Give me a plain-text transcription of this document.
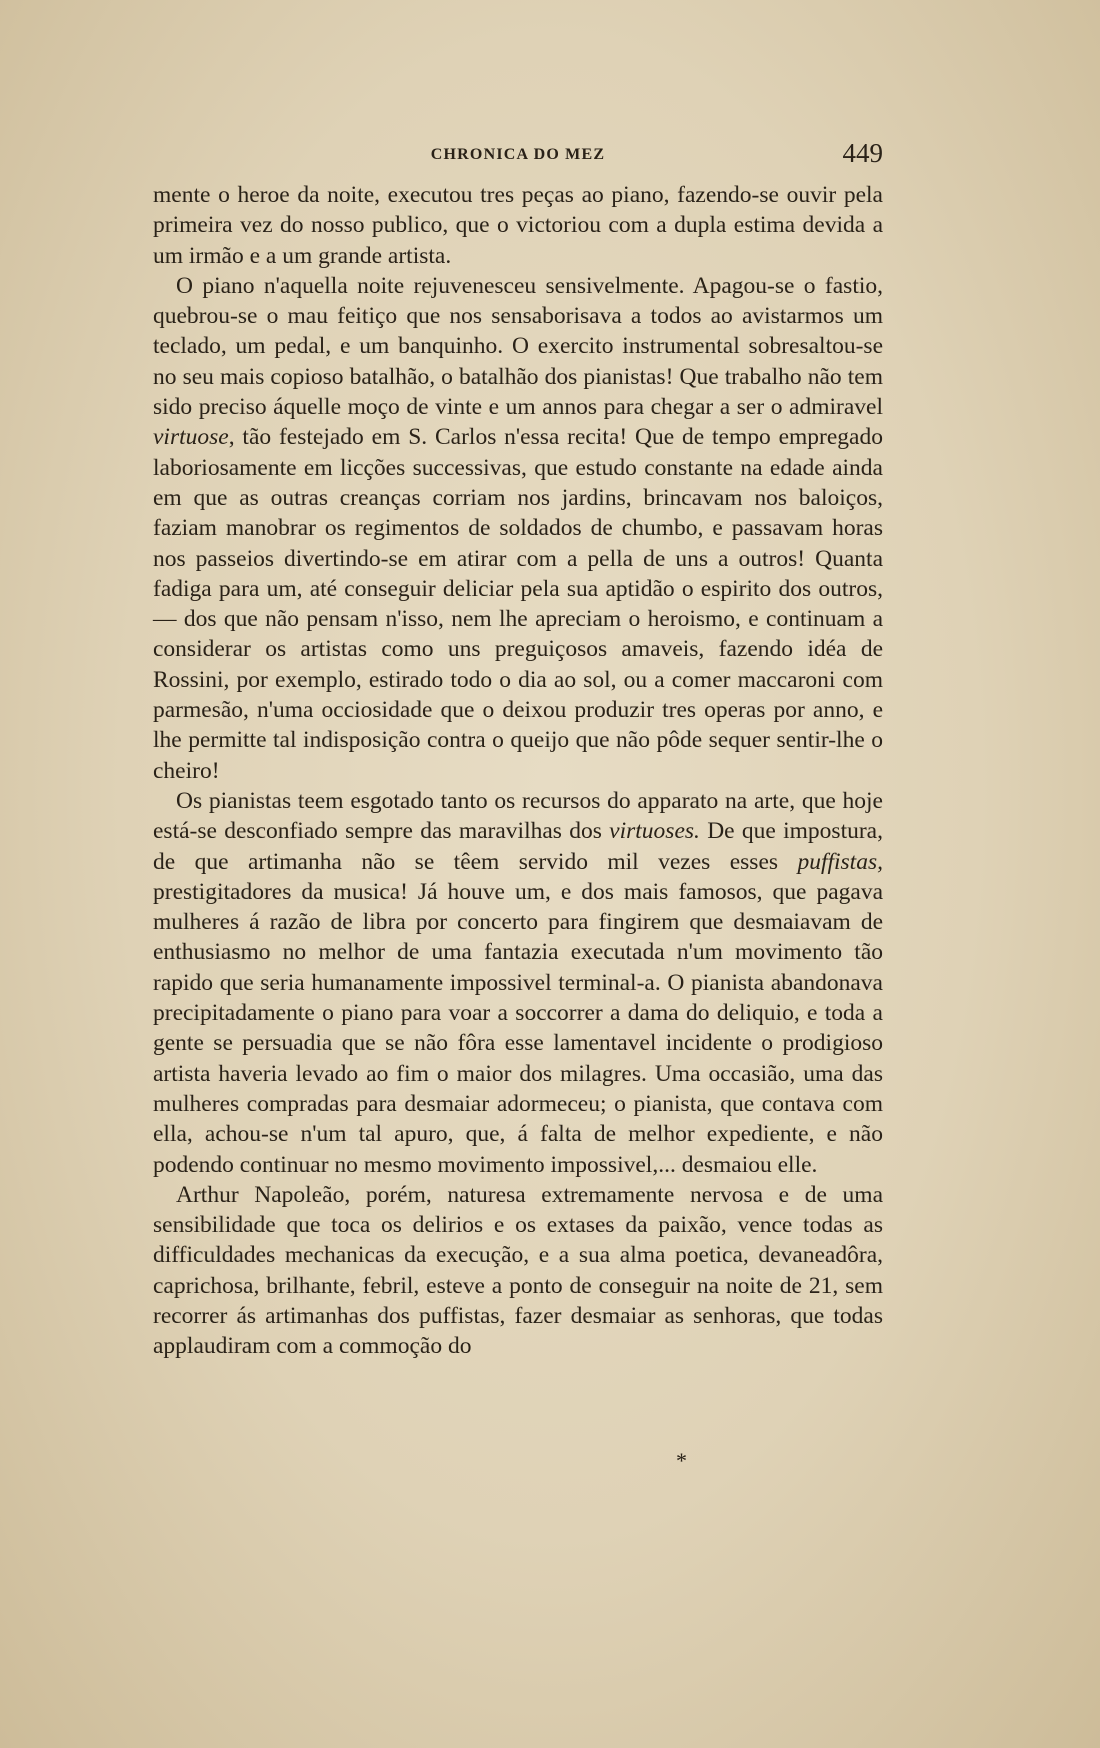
CHRONICA DO MEZ	449

mente o heroe da noite, executou tres peças ao piano, fazendo-se ouvir pela primeira vez do nosso publico, que o victoriou com a dupla estima devida a um irmão e a um grande artista.

O piano n'aquella noite rejuvenesceu sensivelmente. Apagou-se o fastio, quebrou-se o mau feitiço que nos sensaborisava a todos ao avistarmos um teclado, um pedal, e um banquinho. O exercito instrumental sobresaltou-se no seu mais copioso batalhão, o batalhão dos pianistas! Que trabalho não tem sido preciso áquelle moço de vinte e um annos para chegar a ser o admiravel virtuose, tão festejado em S. Carlos n'essa recita! Que de tempo empregado laboriosamente em licções successivas, que estudo constante na edade ainda em que as outras creanças corriam nos jardins, brincavam nos baloiços, faziam manobrar os regimentos de soldados de chumbo, e passavam horas nos passeios divertindo-se em atirar com a pella de uns a outros! Quanta fadiga para um, até conseguir deliciar pela sua aptidão o espirito dos outros, — dos que não pensam n'isso, nem lhe apreciam o heroismo, e continuam a considerar os artistas como uns preguiçosos amaveis, fazendo idéa de Rossini, por exemplo, estirado todo o dia ao sol, ou a comer maccaroni com parmesão, n'uma occiosidade que o deixou produzir tres operas por anno, e lhe permitte tal indisposição contra o queijo que não pôde sequer sentir-lhe o cheiro!

Os pianistas teem esgotado tanto os recursos do apparato na arte, que hoje está-se desconfiado sempre das maravilhas dos virtuoses. De que impostura, de que artimanha não se têem servido mil vezes esses puffistas, prestigitadores da musica! Já houve um, e dos mais famosos, que pagava mulheres á razão de libra por concerto para fingirem que desmaiavam de enthusiasmo no melhor de uma fantazia executada n'um movimento tão rapido que seria humanamente impossivel terminal-a. O pianista abandonava precipitadamente o piano para voar a soccorrer a dama do deliquio, e toda a gente se persuadia que se não fôra esse lamentavel incidente o prodigioso artista haveria levado ao fim o maior dos milagres. Uma occasião, uma das mulheres compradas para desmaiar adormeceu; o pianista, que contava com ella, achou-se n'um tal apuro, que, á falta de melhor expediente, e não podendo continuar no mesmo movimento impossivel,... desmaiou elle.

Arthur Napoleão, porém, naturesa extremamente nervosa e de uma sensibilidade que toca os delirios e os extases da paixão, vence todas as difficuldades mechanicas da execução, e a sua alma poetica, devaneadôra, caprichosa, brilhante, febril, esteve a ponto de conseguir na noite de 21, sem recorrer ás artimanhas dos puffistas, fazer desmaiar as senhoras, que todas applaudiram com a commoção do

*
